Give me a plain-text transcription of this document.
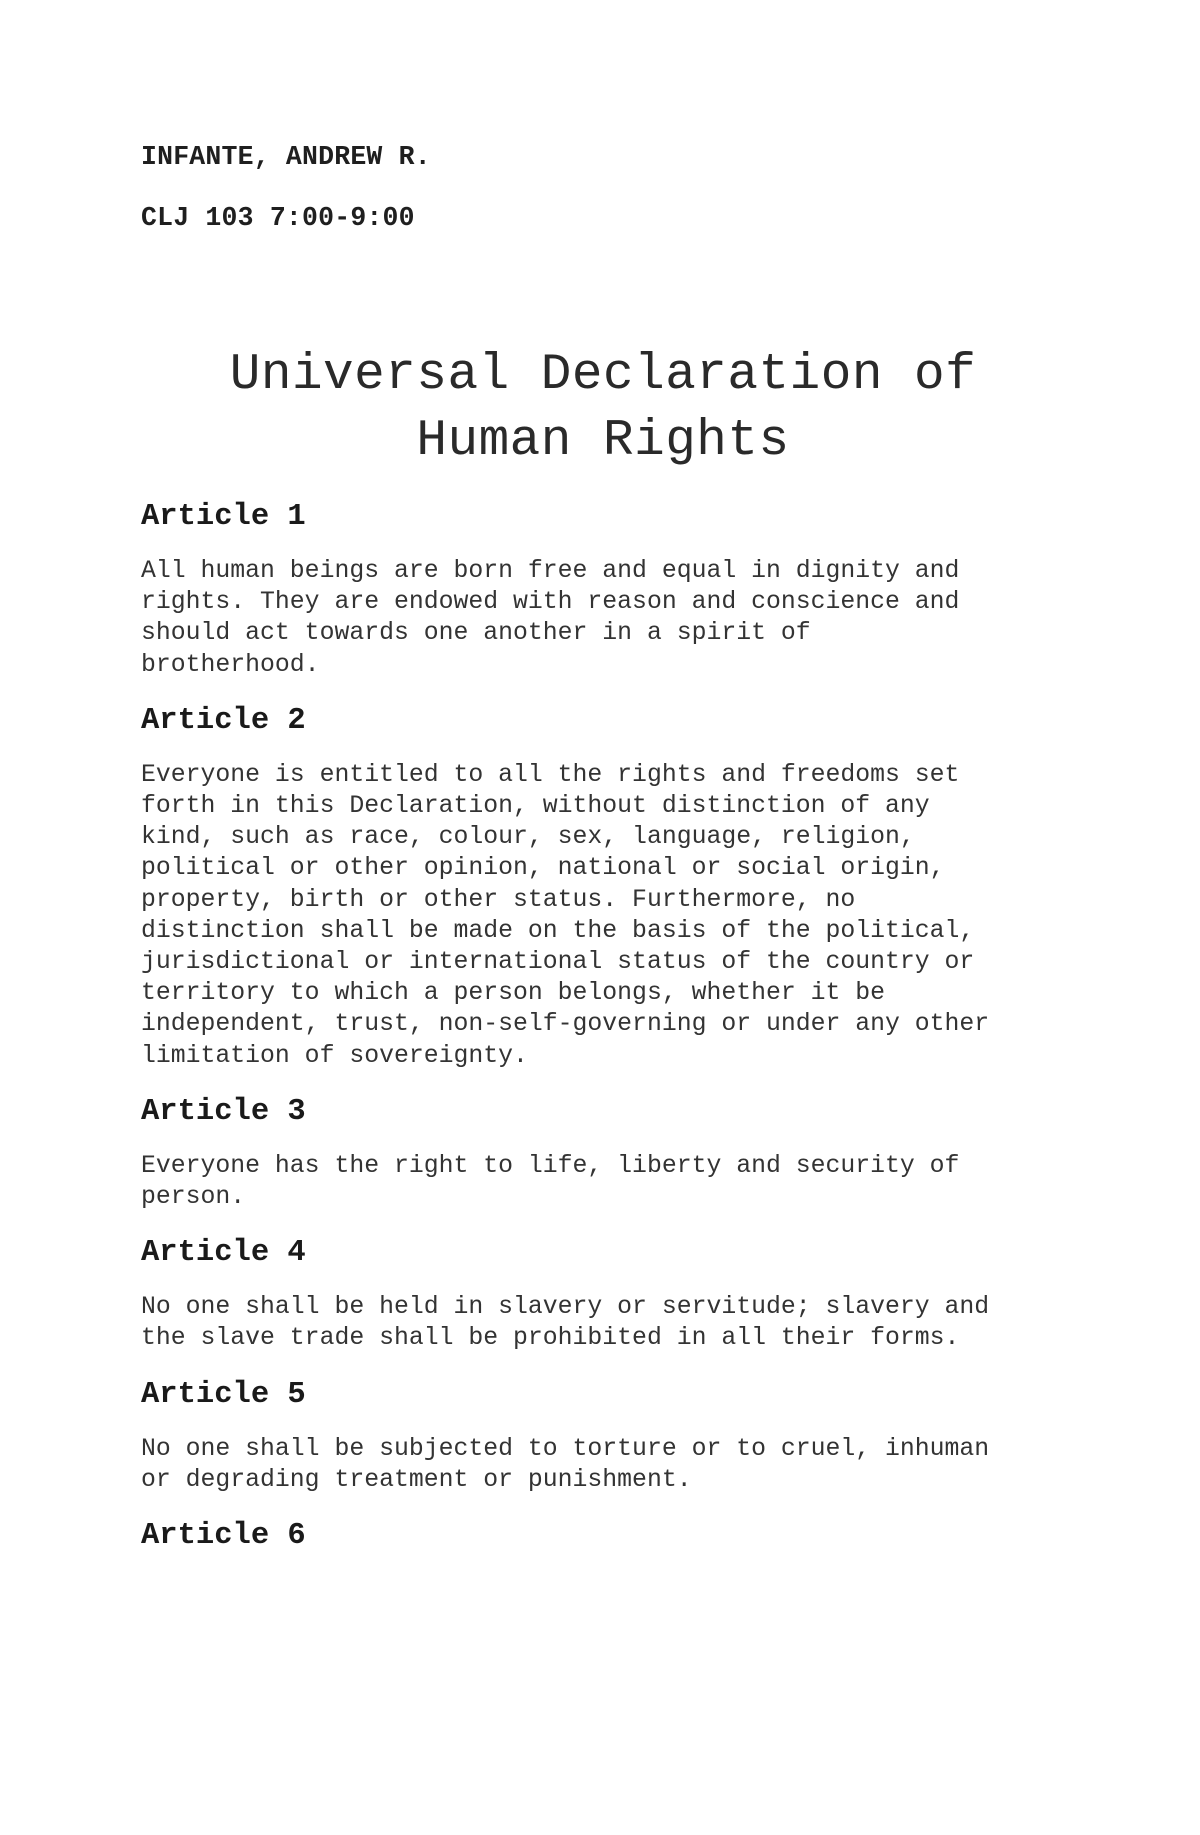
INFANTE, ANDREW R.

CLJ 103 7:00-9:00

Universal Declaration of
Human Rights
Article 1

All human beings are born free and equal in dignity and
rights. They are endowed with reason and conscience and
should act towards one another in a spirit of
brotherhood.

Article 2

Everyone is entitled to all the rights and freedoms set
forth in this Declaration, without distinction of any
kind, such as race, colour, sex, language, religion,
political or other opinion, national or social origin,
property, birth or other status. Furthermore, no
distinction shall be made on the basis of the political,
jurisdictional or international status of the country or
territory to which a person belongs, whether it be
independent, trust, non-self-governing or under any other
limitation of sovereignty.

Article 3

Everyone has the right to life, liberty and security of
person.

Article 4

No one shall be held in slavery or servitude; slavery and
the slave trade shall be prohibited in all their forms.

Article 5

No one shall be subjected to torture or to cruel, inhuman
or degrading treatment or punishment.

Article 6
